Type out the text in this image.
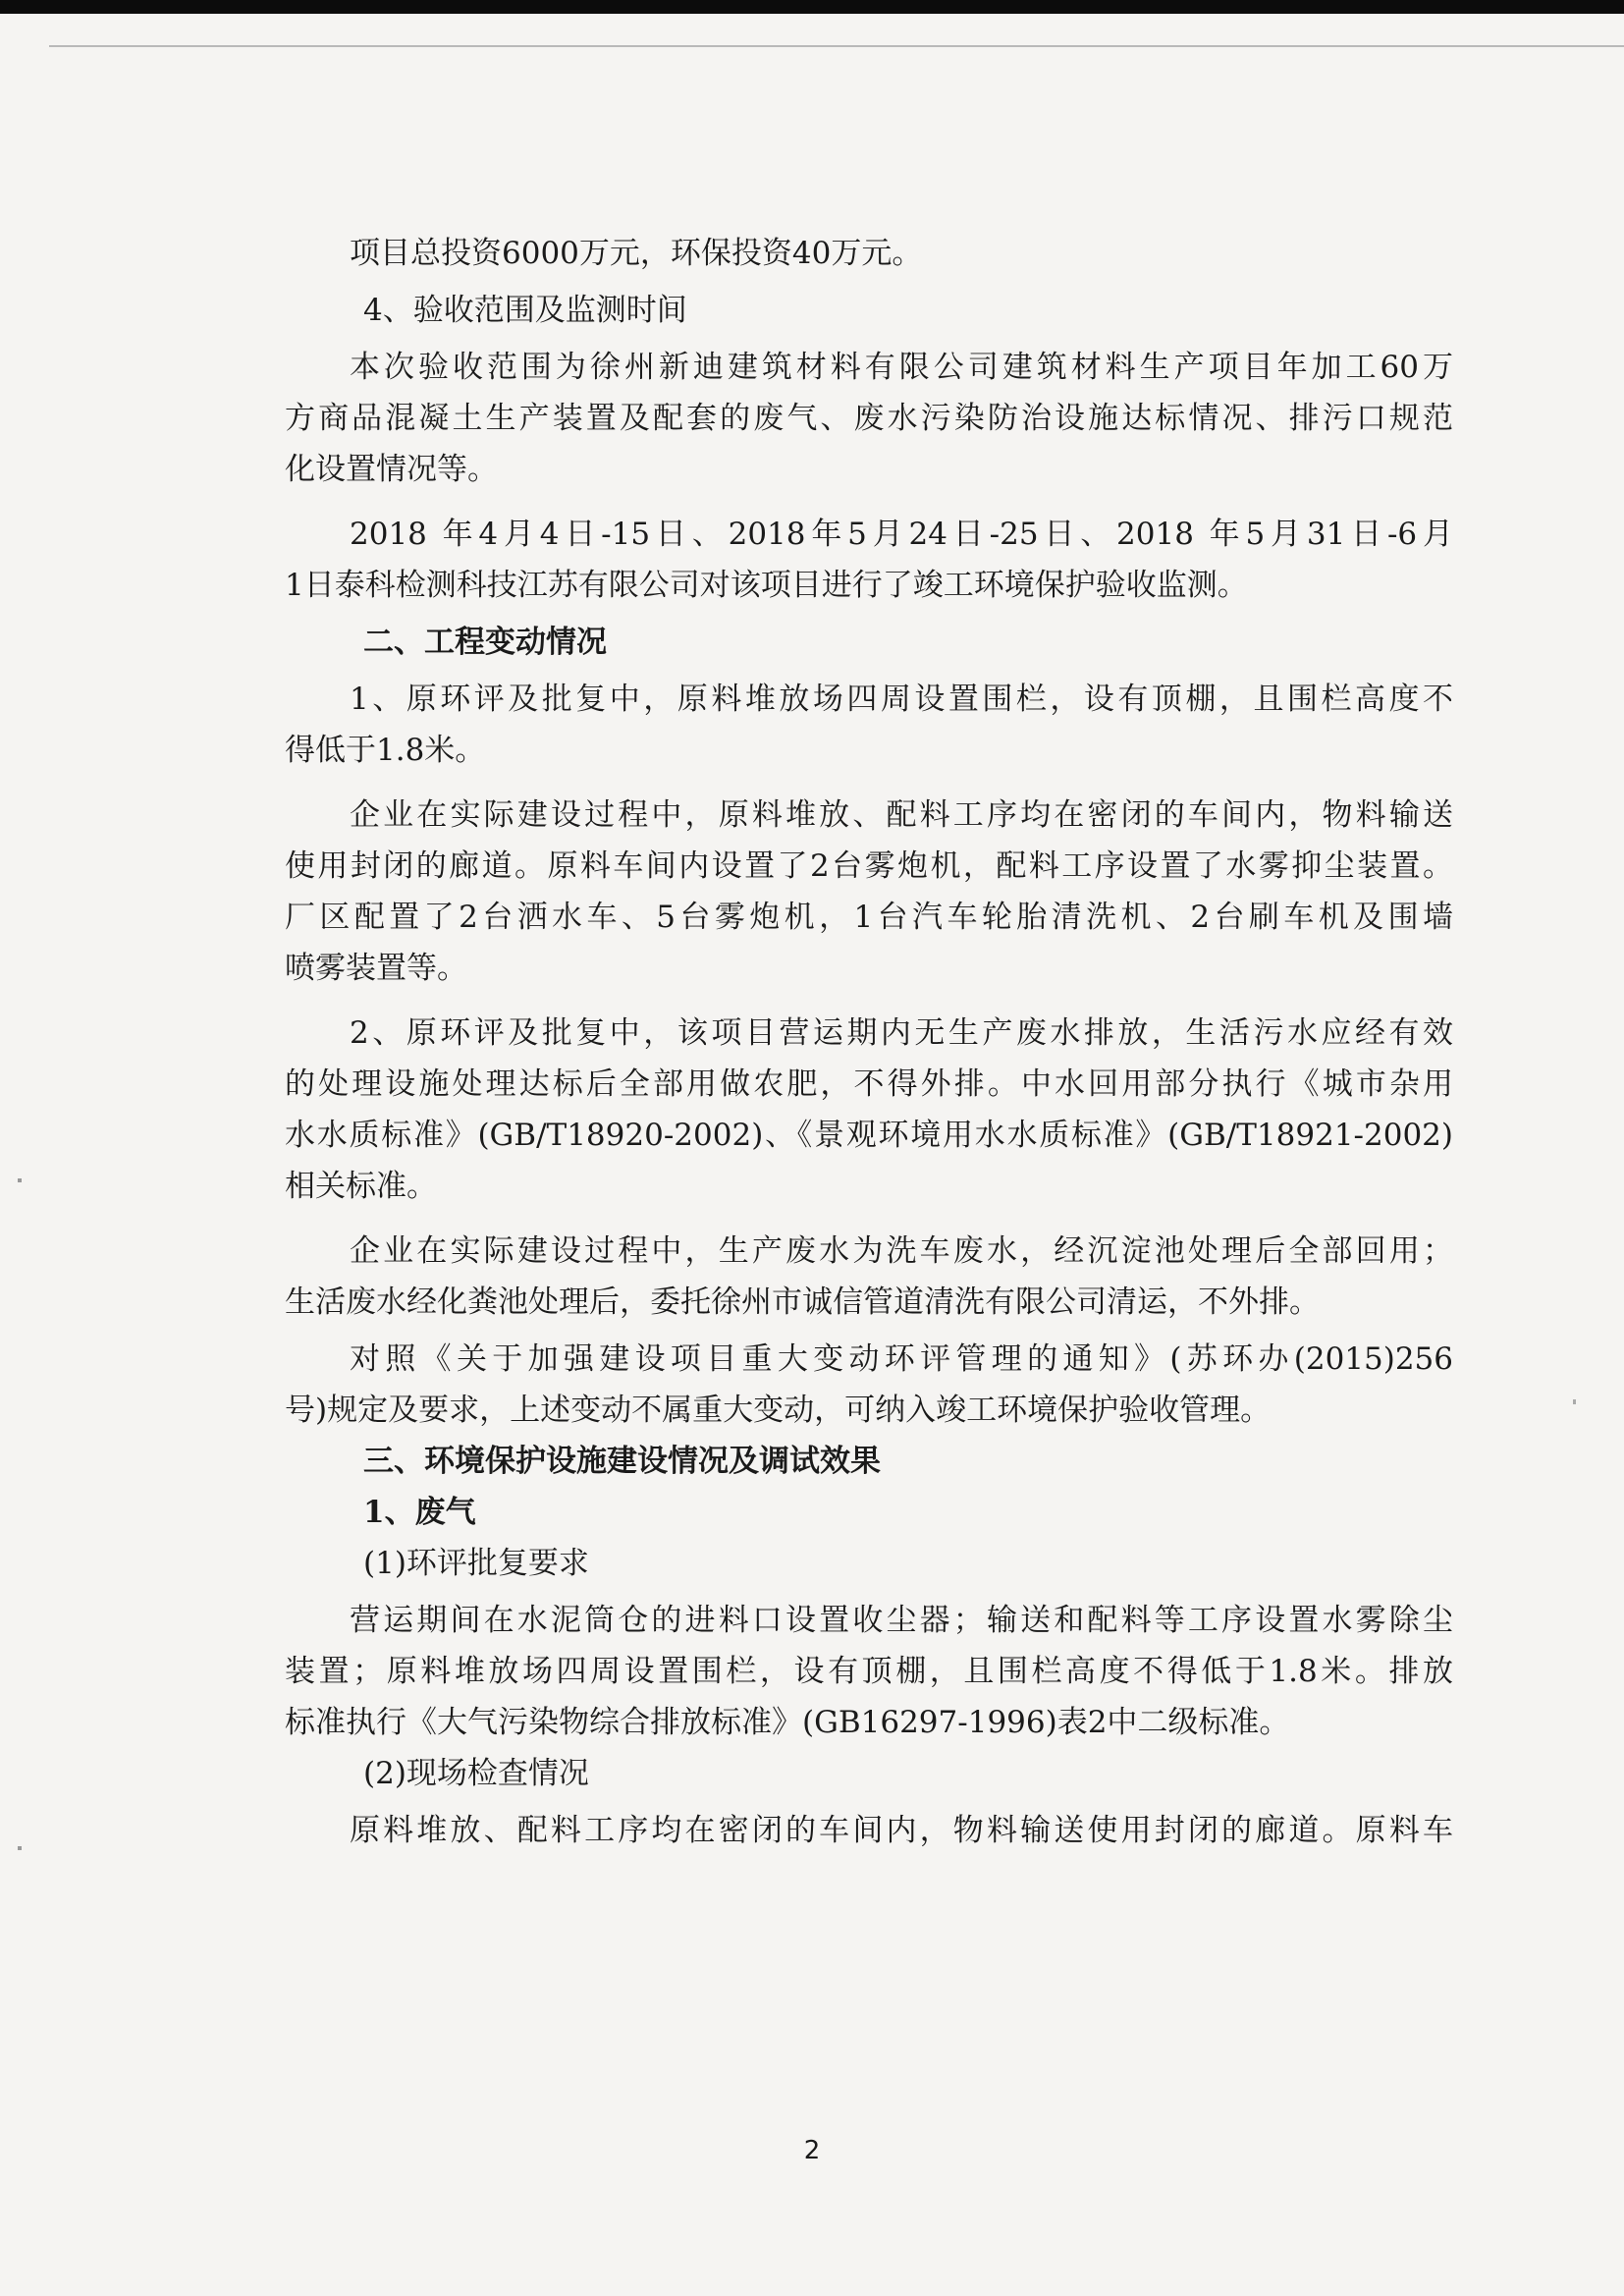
项目总投资6000万元，环保投资40万元。
4、验收范围及监测时间
本次验收范围为徐州新迪建筑材料有限公司建筑材料生产项目年加工60万
方商品混凝土生产装置及配套的废气、废水污染防治设施达标情况、排污口规范
化设置情况等。
2018 年4月4日-15日、2018年5月24日-25日、2018 年5月31日-6月
1日泰科检测科技江苏有限公司对该项目进行了竣工环境保护验收监测。
二、工程变动情况
1、原环评及批复中，原料堆放场四周设置围栏，设有顶棚，且围栏高度不
得低于1.8米。
企业在实际建设过程中，原料堆放、配料工序均在密闭的车间内，物料输送
使用封闭的廊道。原料车间内设置了2台雾炮机，配料工序设置了水雾抑尘装置。
厂区配置了2台洒水车、5台雾炮机，1台汽车轮胎清洗机、2台刷车机及围墙
喷雾装置等。
2、原环评及批复中，该项目营运期内无生产废水排放，生活污水应经有效
的处理设施处理达标后全部用做农肥，不得外排。中水回用部分执行《城市杂用
水水质标准》(GB/T18920-2002)、《景观环境用水水质标准》(GB/T18921-2002)
相关标准。
企业在实际建设过程中，生产废水为洗车废水，经沉淀池处理后全部回用；
生活废水经化粪池处理后，委托徐州市诚信管道清洗有限公司清运，不外排。
对照《关于加强建设项目重大变动环评管理的通知》(苏环办(2015)256
号)规定及要求，上述变动不属重大变动，可纳入竣工环境保护验收管理。
三、环境保护设施建设情况及调试效果
1、废气
(1)环评批复要求
营运期间在水泥筒仓的进料口设置收尘器；输送和配料等工序设置水雾除尘
装置；原料堆放场四周设置围栏，设有顶棚，且围栏高度不得低于1.8米。排放
标准执行《大气污染物综合排放标准》(GB16297-1996)表2中二级标准。
(2)现场检查情况
原料堆放、配料工序均在密闭的车间内，物料输送使用封闭的廊道。原料车
2
